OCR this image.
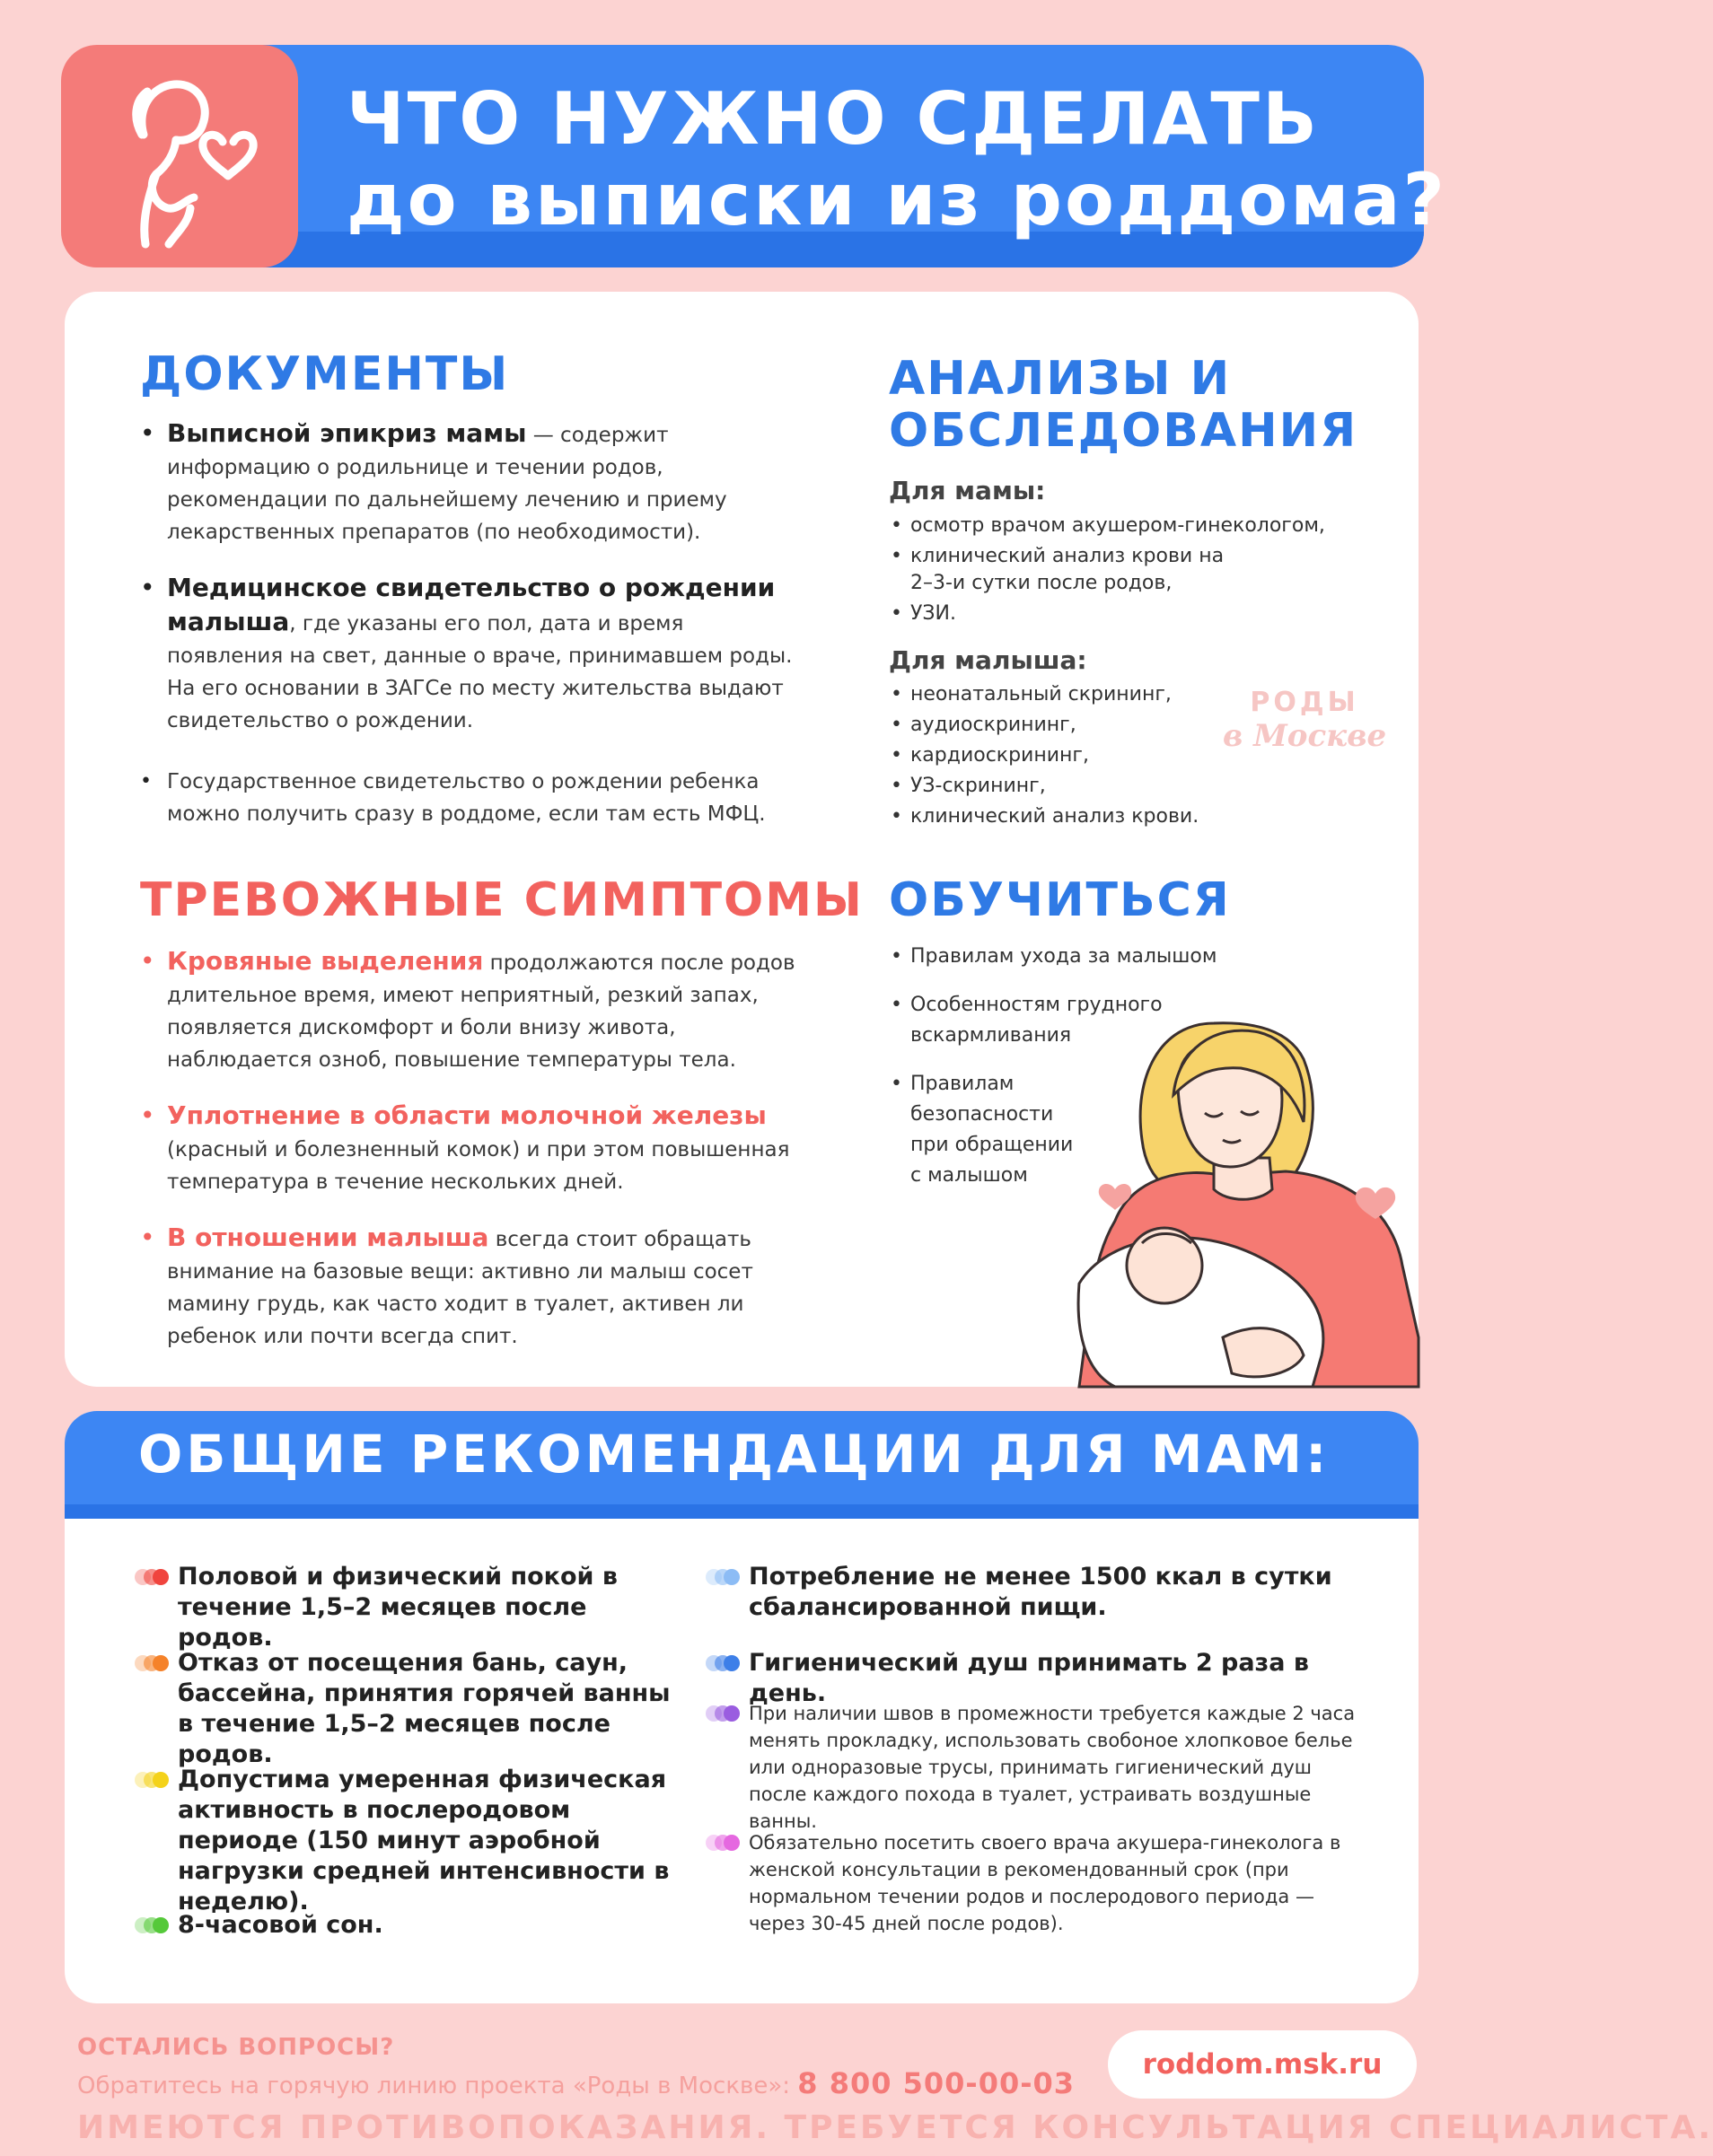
ЧТО НУЖНО СДЕЛАТЬ
до выписки из роддома?
ДОКУМЕНТЫ

• Выписной эпикриз мамы — содержит информацию о родильнице и течении родов, рекомендации по дальнейшему лечению и приему лекарственных препаратов (по необходимости).

• Медицинское свидетельство о рождении малыша, где указаны его пол, дата и время появления на свет, данные о враче, принимавшем роды. На его основании в ЗАГСе по месту жительства выдают свидетельство о рождении.

• Государственное свидетельство о рождении ребенка можно получить сразу в роддоме, если там есть МФЦ.

АНАЛИЗЫ И
ОБСЛЕДОВАНИЯ
Для мамы:
• осмотр врачом акушером-гинекологом,
• клинический анализ крови на 2–3-и сутки после родов,
• УЗИ.
Для малыша:
• неонатальный скрининг,
• аудиоскрининг,
• кардиоскрининг,
• УЗ-скрининг,
• клинический анализ крови.
ТРЕВОЖНЫЕ СИМПТОМЫ

• Кровяные выделения продолжаются после родов длительное время, имеют неприятный, резкий запах, появляется дискомфорт и боли внизу живота, наблюдается озноб, повышение температуры тела.

• Уплотнение в области молочной железы (красный и болезненный комок) и при этом повышенная температура в течение нескольких дней.

• В отношении малыша всегда стоит обращать внимание на базовые вещи: активно ли малыш сосет мамину грудь, как часто ходит в туалет, активен ли ребенок или почти всегда спит.

ОБУЧИТЬСЯ
• Правилам ухода за малышом
• Особенностям грудного вскармливания
• Правилам безопасности при обращении с малышом
РОДЫ
в Москве
ОБЩИЕ РЕКОМЕНДАЦИИ ДЛЯ МАМ:
Половой и физический покой в течение 1,5–2 месяцев после родов.
Отказ от посещения бань, саун, бассейна, принятия горячей ванны в течение 1,5–2 месяцев после родов.
Допустима умеренная физическая активность в послеродовом периоде (150 минут аэробной нагрузки средней интенсивности в неделю).
8-часовой сон.
Потребление не менее 1500 ккал в сутки сбалансированной пищи.
Гигиенический душ принимать 2 раза в день.
При наличии швов в промежности требуется каждые 2 часа менять прокладку, использовать свобоное хлопковое белье или одноразовые трусы, принимать гигиенический душ после каждого похода в туалет, устраивать воздушные ванны.
Обязательно посетить своего врача акушера-гинеколога в женской консультации в рекомендованный срок (при нормальном течении родов и послеродового периода — через 30-45 дней после родов).
ОСТАЛИСЬ ВОПРОСЫ?
Обратитесь на горячую линию проекта «Роды в Москве»: 8 800 500-00-03
roddom.msk.ru
ИМЕЮТСЯ ПРОТИВОПОКАЗАНИЯ. ТРЕБУЕТСЯ КОНСУЛЬТАЦИЯ СПЕЦИАЛИСТА.
